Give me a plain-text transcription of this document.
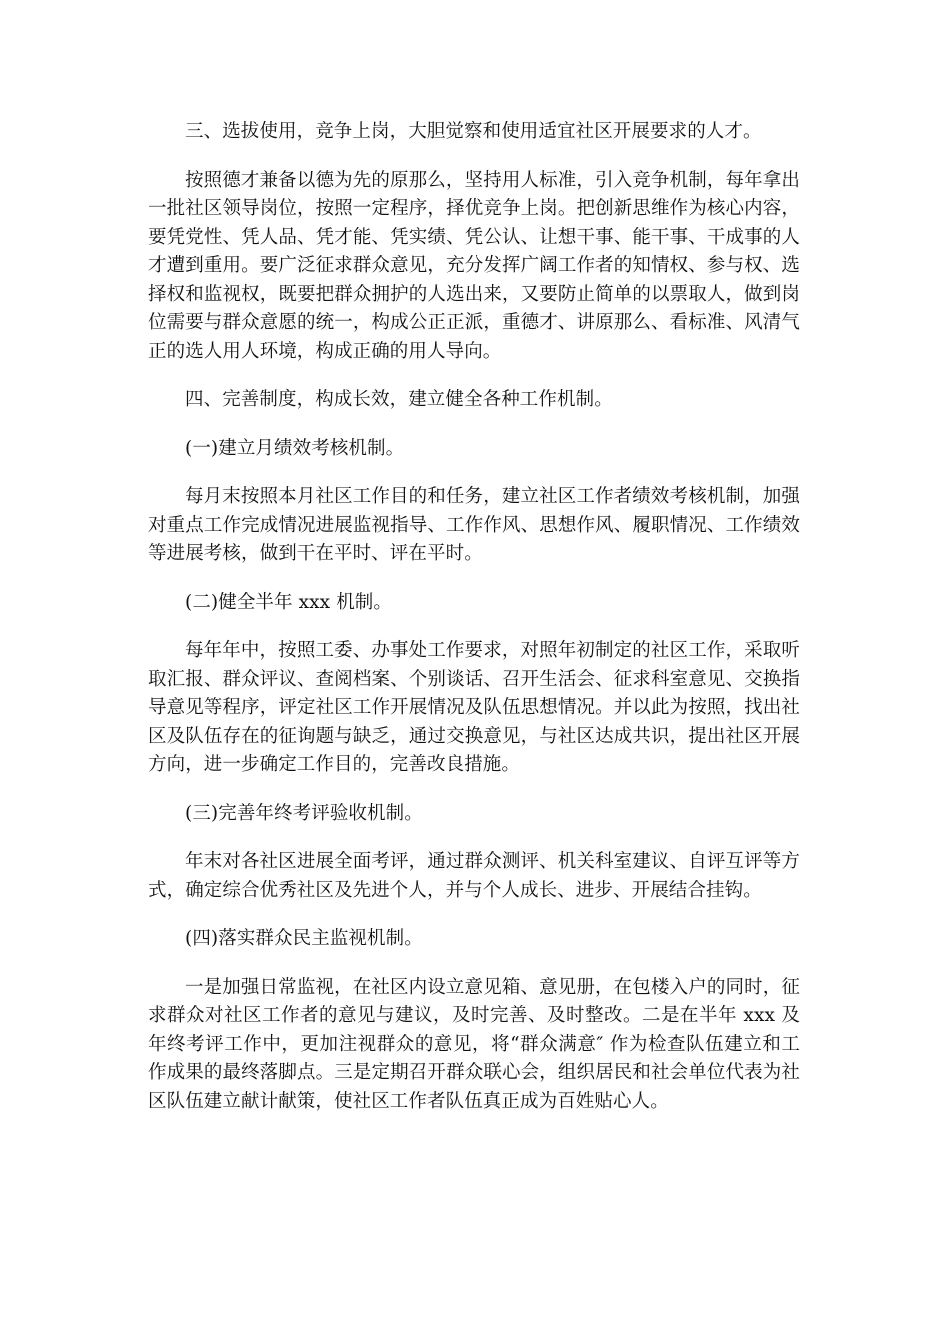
三、选拔使用，竞争上岗，大胆觉察和使用适宜社区开展要求的人才。

按照德才兼备以德为先的原那么，坚持用人标准，引入竞争机制，每年拿出一批社区领导岗位，按照一定程序，择优竞争上岗。把创新思维作为核心内容，要凭党性、凭人品、凭才能、凭实绩、凭公认、让想干事、能干事、干成事的人才遭到重用。要广泛征求群众意见，充分发挥广阔工作者的知情权、参与权、选择权和监视权，既要把群众拥护的人选出来，又要防止简单的以票取人，做到岗位需要与群众意愿的统一，构成公正正派，重德才、讲原那么、看标准、风清气正的选人用人环境，构成正确的用人导向。

四、完善制度，构成长效，建立健全各种工作机制。

(一)建立月绩效考核机制。

每月末按照本月社区工作目的和任务，建立社区工作者绩效考核机制，加强对重点工作完成情况进展监视指导、工作作风、思想作风、履职情况、工作绩效等进展考核，做到干在平时、评在平时。

(二)健全半年 xxx 机制。

每年年中，按照工委、办事处工作要求，对照年初制定的社区工作，采取听取汇报、群众评议、查阅档案、个别谈话、召开生活会、征求科室意见、交换指导意见等程序，评定社区工作开展情况及队伍思想情况。并以此为按照，找出社区及队伍存在的征询题与缺乏，通过交换意见，与社区达成共识，提出社区开展方向，进一步确定工作目的，完善改良措施。

(三)完善年终考评验收机制。

年末对各社区进展全面考评，通过群众测评、机关科室建议、自评互评等方式，确定综合优秀社区及先进个人，并与个人成长、进步、开展结合挂钩。

(四)落实群众民主监视机制。

一是加强日常监视，在社区内设立意见箱、意见册，在包楼入户的同时，征求群众对社区工作者的意见与建议，及时完善、及时整改。二是在半年 xxx 及年终考评工作中，更加注视群众的意见，将“群众满意″ 作为检查队伍建立和工作成果的最终落脚点。三是定期召开群众联心会，组织居民和社会单位代表为社区队伍建立献计献策，使社区工作者队伍真正成为百姓贴心人。
